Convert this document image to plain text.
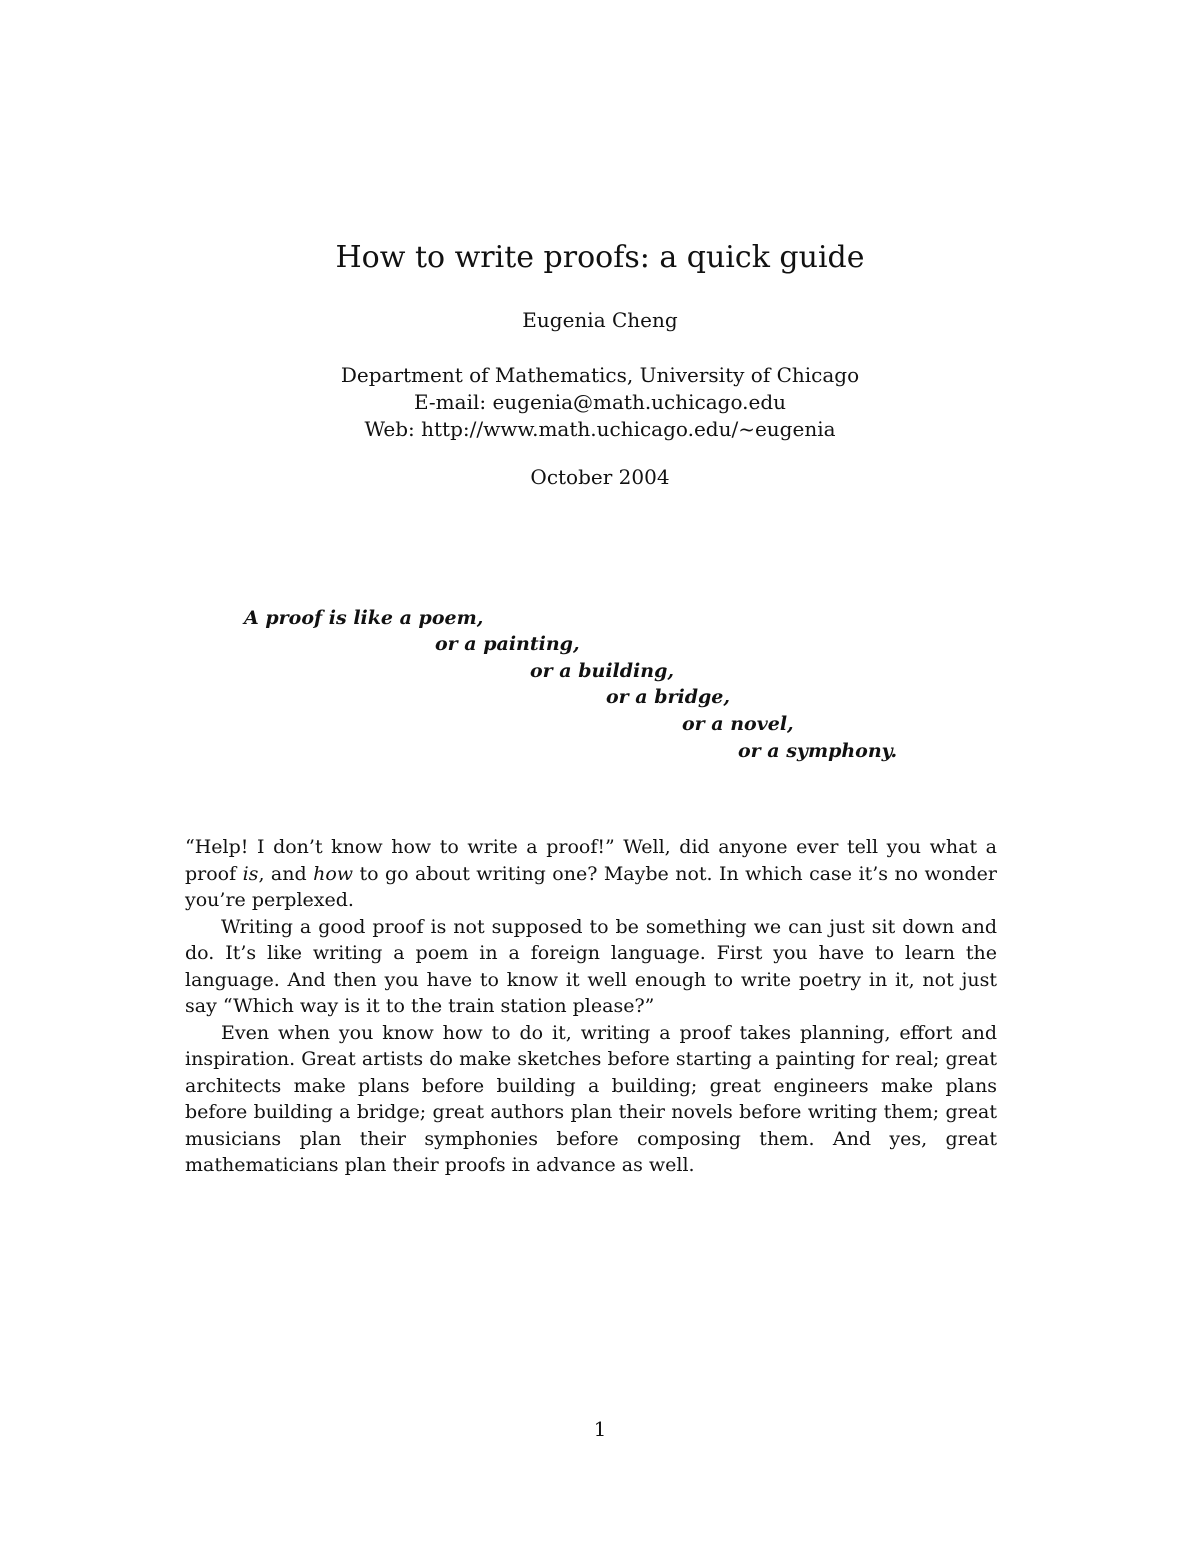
How to write proofs: a quick guide
Eugenia Cheng
Department of Mathematics, University of Chicago
E-mail: eugenia@math.uchicago.edu
Web: http://www.math.uchicago.edu/~eugenia
October 2004
A proof is like a poem,
or a painting,
or a building,
or a bridge,
or a novel,
or a symphony.

“Help! I don’t know how to write a proof!” Well, did anyone ever tell you what a proof is, and how to go about writing one? Maybe not. In which case it’s no wonder you’re perplexed.

Writing a good proof is not supposed to be something we can just sit down and do. It’s like writing a poem in a foreign language. First you have to learn the language. And then you have to know it well enough to write poetry in it, not just say “Which way is it to the train station please?”

Even when you know how to do it, writing a proof takes planning, effort and inspiration. Great artists do make sketches before starting a painting for real; great architects make plans before building a building; great engineers make plans before building a bridge; great authors plan their novels before writing them; great musicians plan their symphonies before composing them. And yes, great mathematicians plan their proofs in advance as well.

1
